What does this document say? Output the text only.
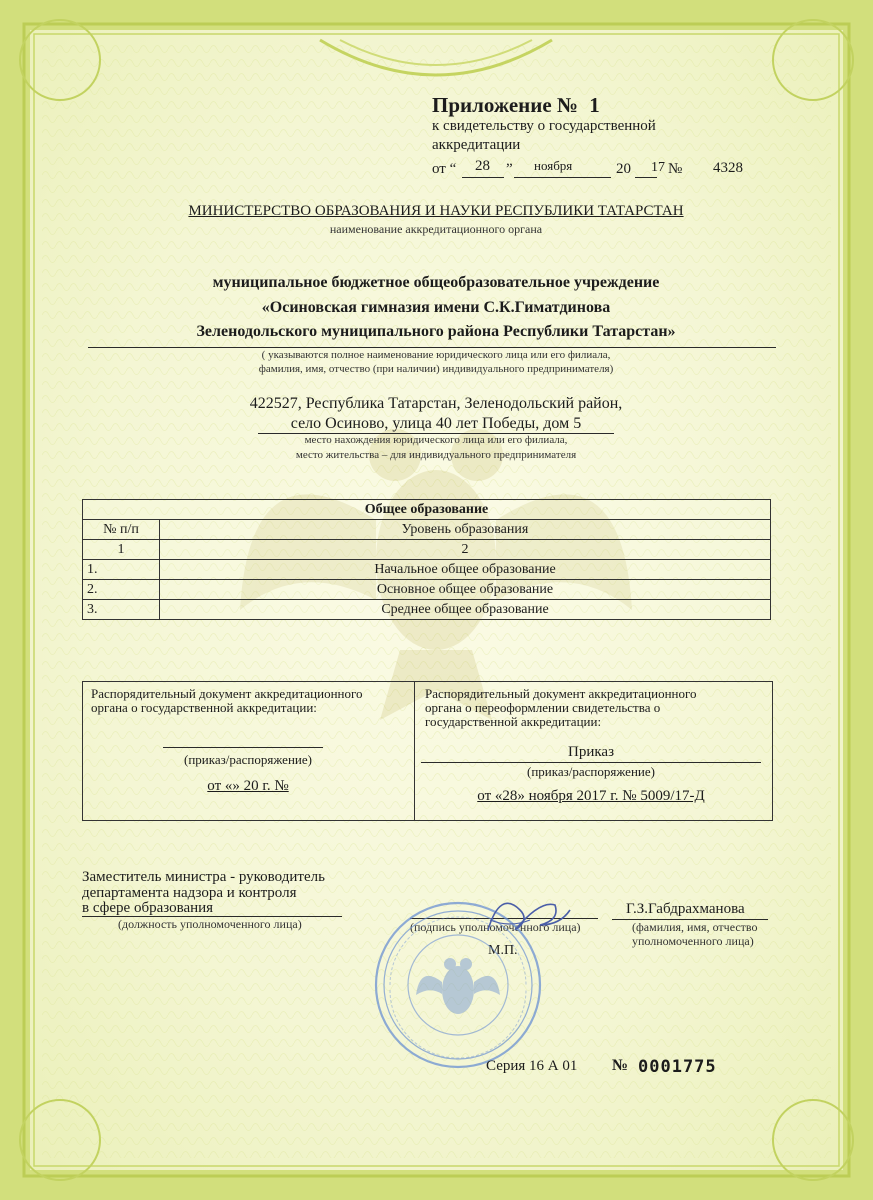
Приложение № 1

к свидетельству о государственной

аккредитации

от “ 28 ” ноября	20 17 № 4328

МИНИСТЕРСТВО ОБРАЗОВАНИЯ И НАУКИ РЕСПУБЛИКИ ТАТАРСТАН

наименование аккредитационного органа

муниципальное бюджетное общеобразовательное учреждение

«Осиновская гимназия имени С.К.Гиматдинова

Зеленодольского муниципального района Республики Татарстан»

( указываются полное наименование юридического лица или его филиала,

фамилия, имя, отчество (при наличии) индивидуального предпринимателя)

422527, Республика Татарстан, Зеленодольский район,

село Осиново, улица 40 лет Победы, дом 5

место нахождения юридического лица или его филиала,

место жительства – для индивидуального предпринимателя

Общее образование	
№ п/п	Уровень образования
1	2
1.	Начальное общее образование
2.	Основное общее образование
3.	Среднее общее образование

Распорядительный документ аккредитационного

органа о государственной аккредитации:

(приказ/распоряжение)

от «» 20 г. №

Распорядительный документ аккредитационного

органа о переоформлении свидетельства о

государственной аккредитации:

Приказ

(приказ/распоряжение)

от «28» ноября 2017 г. № 5009/17-Д

Заместитель министра - руководитель

департамента надзора и контроля

в сфере образования

(должность уполномоченного лица)	(подпись уполномоченного лица)

Г.З.Габдрахманова

(фамилия, имя, отчество

уполномоченного лица)

М.П.

Серия 16 А 01 № 0001775
